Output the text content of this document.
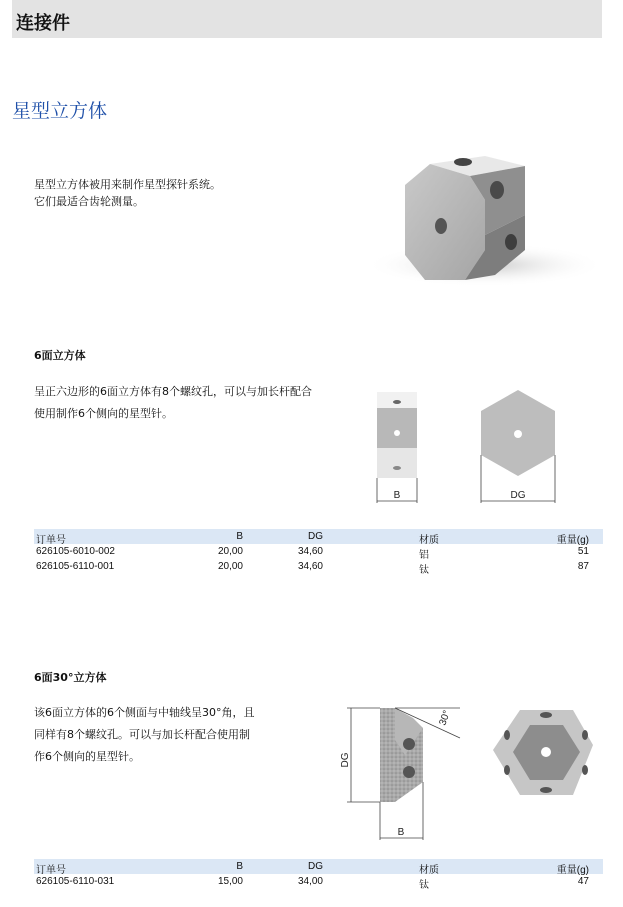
连接件
星型立方体
星型立方体被用来制作星型探针系统。
它们最适合齿轮测量。
6面立方体
呈正六边形的6面立方体有8个螺纹孔，可以与加长杆配合
使用制作6个侧向的星型针。
B	DG
订单号	B	DG	材质	重量(g)
626105-6010-002	20,00	34,60	铝	51
626105-6110-001	20,00	34,60	钛	87
6面30°立方体
该6面立方体的6个侧面与中轴线呈30°角，且
同样有8个螺纹孔。可以与加长杆配合使用制
作6个侧向的星型针。
30°
DG
B
订单号	B	DG	材质	重量(g)
626105-6110-031	15,00	34,00	钛	47
